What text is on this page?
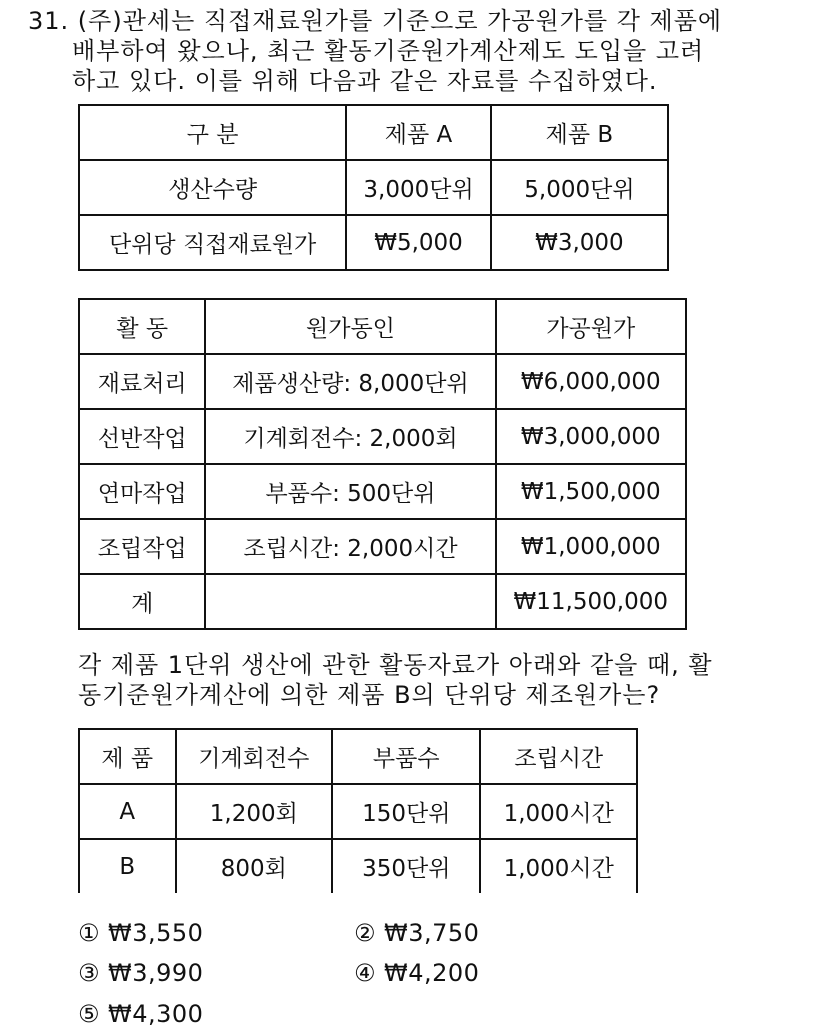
31. (주)관세는 직접재료원가를 기준으로 가공원가를 각 제품에
배부하여 왔으나, 최근 활동기준원가계산제도 도입을 고려
하고 있다. 이를 위해 다음과 같은 자료를 수집하였다.
구 분	제품 A	제품 B
생산수량	3,000단위	5,000단위
단위당 직접재료원가	₩5,000	₩3,000
활 동	원가동인	가공원가
재료처리	제품생산량: 8,000단위	₩6,000,000
선반작업	기계회전수: 2,000회	₩3,000,000
연마작업	부품수: 500단위	₩1,500,000
조립작업	조립시간: 2,000시간	₩1,000,000
계		₩11,500,000
각 제품 1단위 생산에 관한 활동자료가 아래와 같을 때, 활
동기준원가계산에 의한 제품 B의 단위당 제조원가는?
제 품	기계회전수	부품수	조립시간
A	1,200회	150단위	1,000시간
B	800회	350단위	1,000시간
① ₩3,550	② ₩3,750
③ ₩3,990	④ ₩4,200
⑤ ₩4,300
